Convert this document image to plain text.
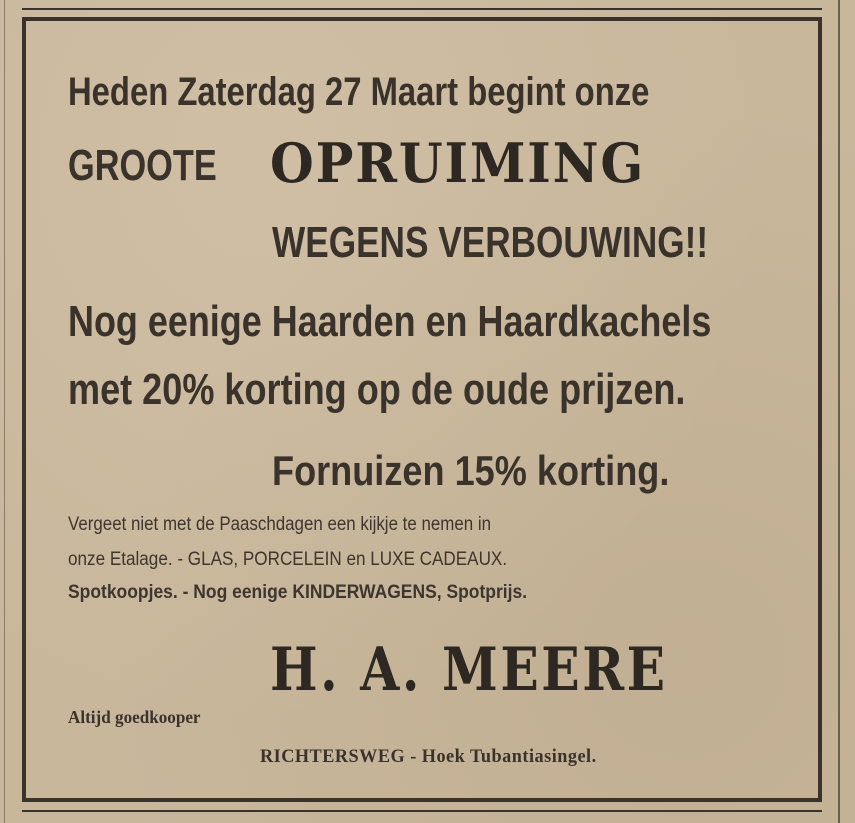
Heden Zaterdag 27 Maart begint onze
GROOTE OPRUIMING
WEGENS VERBOUWING!!
Nog eenige Haarden en Haardkachels
met 20% korting op de oude prijzen.
Fornuizen 15% korting.
Vergeet niet met de Paaschdagen een kijkje te nemen in
onze Etalage. - GLAS, PORCELEIN en LUXE CADEAUX.
Spotkoopjes. - Nog eenige KINDERWAGENS, Spotprijs.
H. A. MEERE
Altijd goedkooper
RICHTERSWEG - Hoek Tubantiasingel.
